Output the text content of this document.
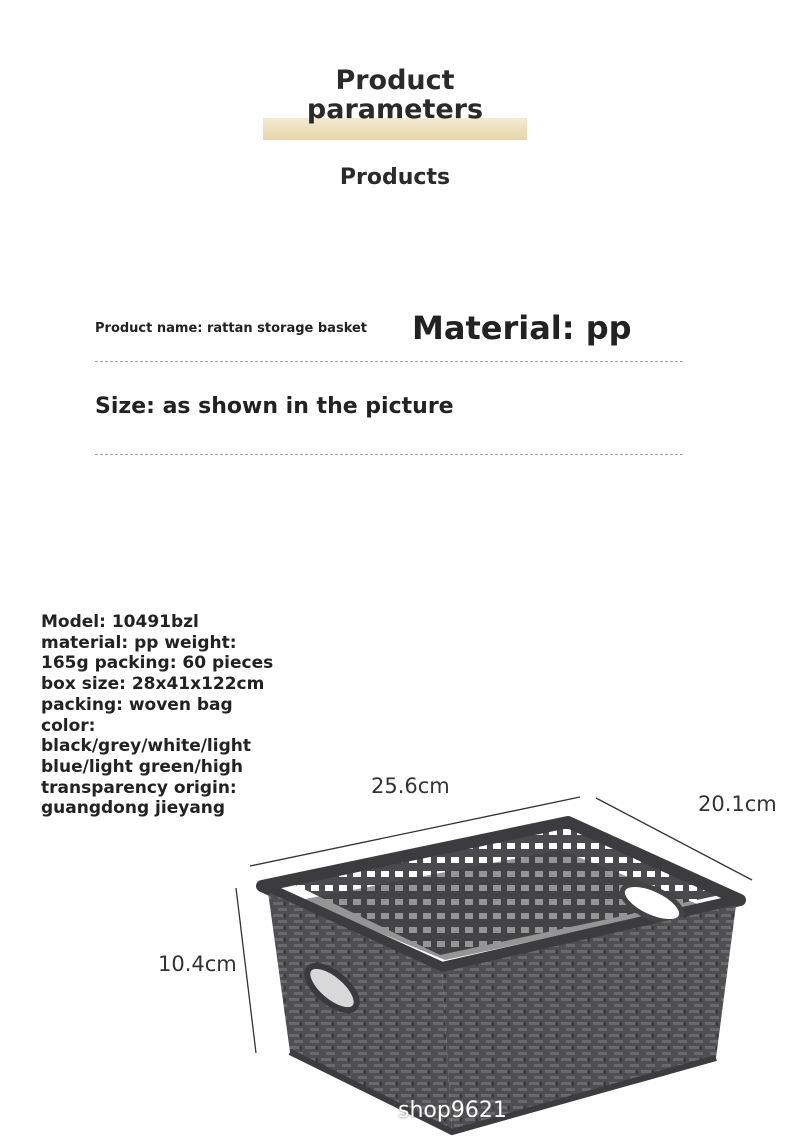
Product parameters
Products
Product name: rattan storage basket Material: pp
Size: as shown in the picture
Model: 10491bzl
material: pp weight:
165g packing: 60 pieces
box size: 28x41x122cm
packing: woven bag
color:
black/grey/white/light
blue/light green/high
transparency origin:
guangdong jieyang
25.6cm
20.1cm
10.4cm
shop9621
